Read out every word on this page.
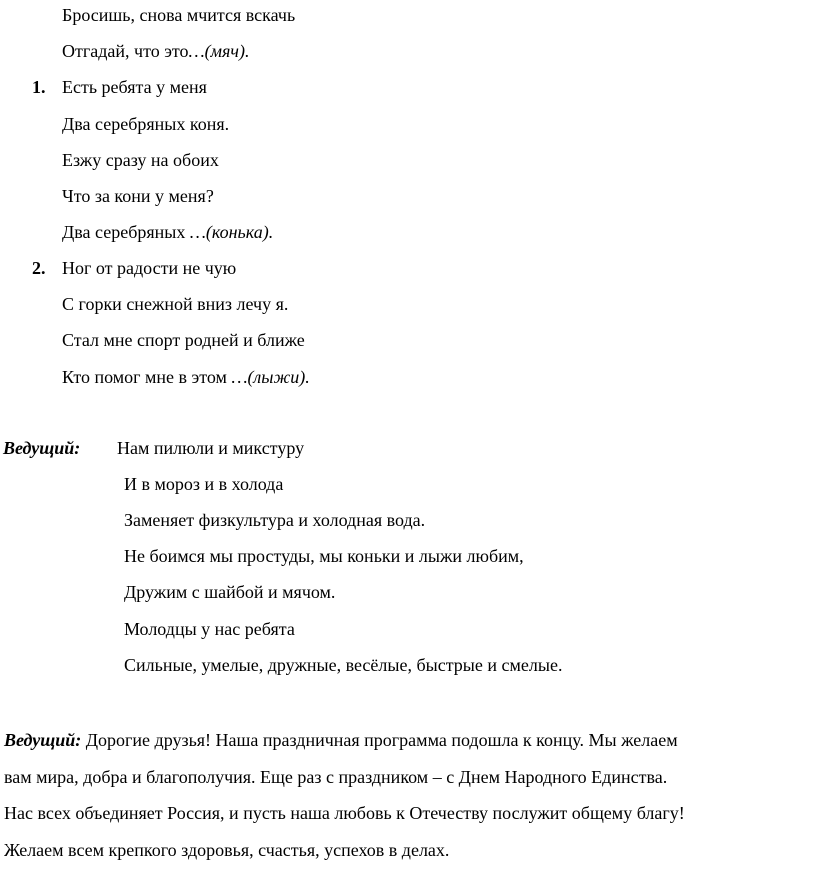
Бросишь, снова мчится вскачь
Отгадай, что это…(мяч).
1. Есть ребята у меня
Два серебряных коня.
Езжу сразу на обоих
Что за кони у меня?
Два серебряных …(конька).
2. Ног от радости не чую
С горки снежной вниз лечу я.
Стал мне спорт родней и ближе
Кто помог мне в этом …(лыжи).
Ведущий: Нам пилюли и микстуру
И в мороз и в холода
Заменяет физкультура и холодная вода.
Не боимся мы простуды, мы коньки и лыжи любим,
Дружим с шайбой и мячом.
Молодцы у нас ребята
Сильные, умелые, дружные, весёлые, быстрые и смелые.
Ведущий: Дорогие друзья! Наша праздничная программа подошла к концу. Мы желаем
вам мира, добра и благополучия. Еще раз с праздником – с Днем Народного Единства.
Нас всех объединяет Россия, и пусть наша любовь к Отечеству послужит общему благу!
Желаем всем крепкого здоровья, счастья, успехов в делах.
